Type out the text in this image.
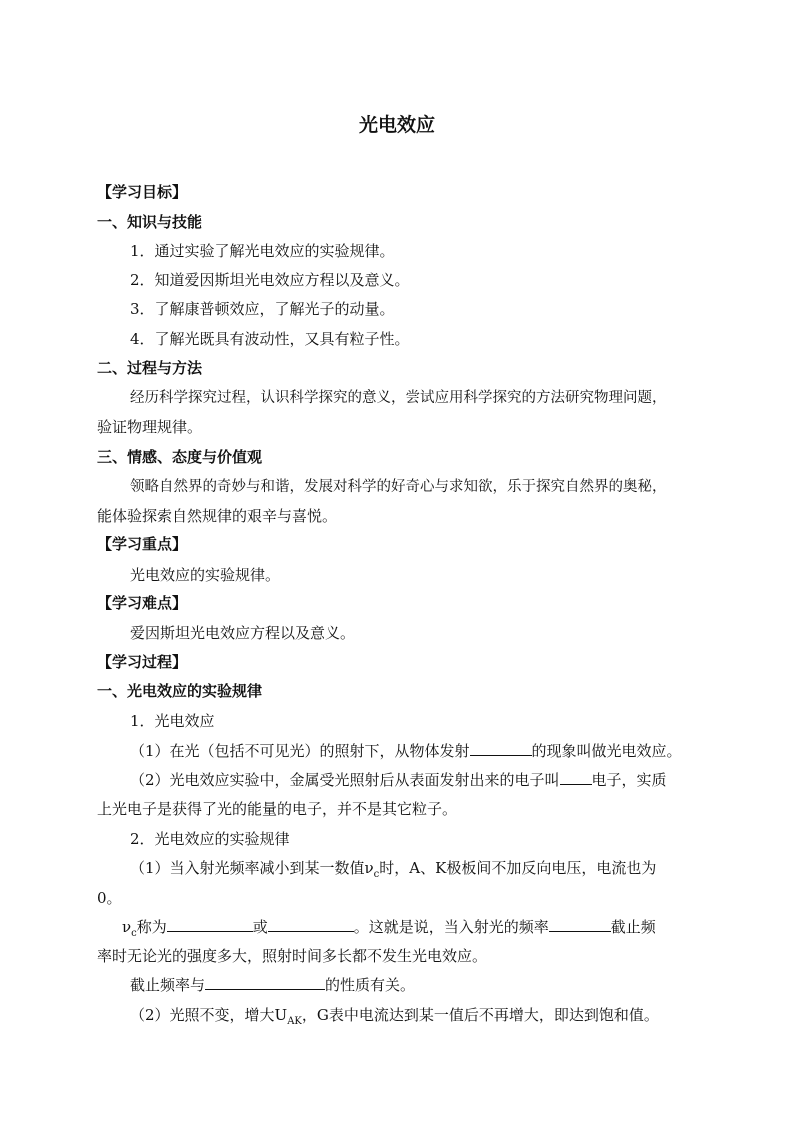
光电效应
【学习目标】
一、知识与技能
1．通过实验了解光电效应的实验规律。
2．知道爱因斯坦光电效应方程以及意义。
3．了解康普顿效应，了解光子的动量。
4．了解光既具有波动性，又具有粒子性。
二、过程与方法
经历科学探究过程，认识科学探究的意义，尝试应用科学探究的方法研究物理问题，
验证物理规律。
三、情感、态度与价值观
领略自然界的奇妙与和谐，发展对科学的好奇心与求知欲，乐于探究自然界的奥秘，
能体验探索自然规律的艰辛与喜悦。
【学习重点】
光电效应的实验规律。
【学习难点】
爱因斯坦光电效应方程以及意义。
【学习过程】
一、光电效应的实验规律
1．光电效应
（1）在光（包括不可见光）的照射下，从物体发射	的现象叫做光电效应。
（2）光电效应实验中，金属受光照射后从表面发射出来的电子叫 电子，实质
上光电子是获得了光的能量的电子，并不是其它粒子。
2．光电效应的实验规律
（1）当入射光频率减小到某一数值$\nu_c$时，A、K极板间不加反向电压，电流也为
0。
$\nu_c$称为	或	。这就是说，当入射光的频率	截止频
率时无论光的强度多大，照射时间多长都不发生光电效应。
截止频率与	的性质有关。
（2）光照不变，增大$U_{AK}$，G表中电流达到某一值后不再增大，即达到饱和值。
